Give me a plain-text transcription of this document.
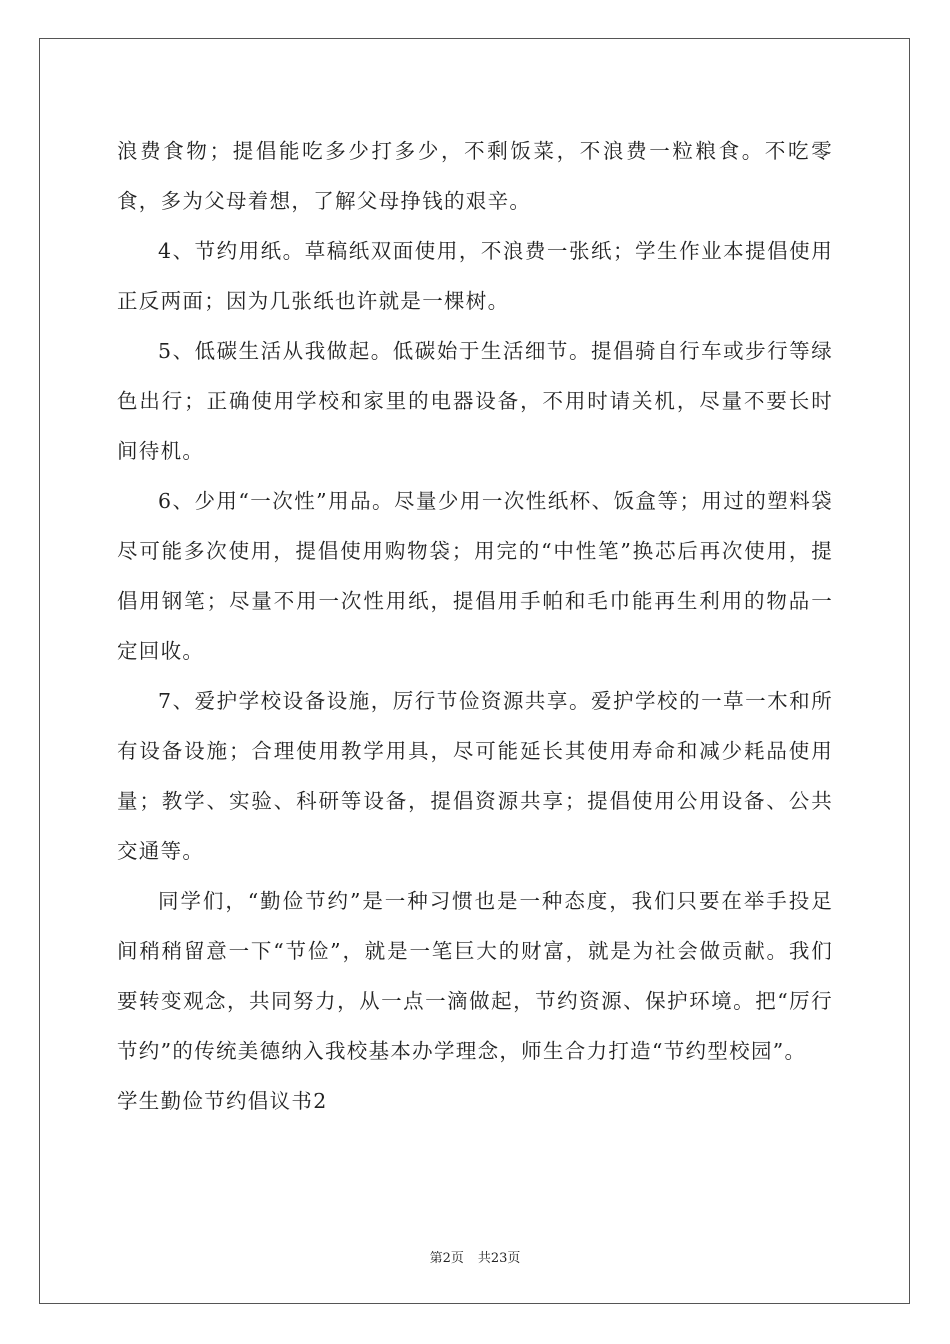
浪费食物；提倡能吃多少打多少，不剩饭菜，不浪费一粒粮食。不吃零食，多为父母着想，了解父母挣钱的艰辛。

4、节约用纸。草稿纸双面使用，不浪费一张纸；学生作业本提倡使用正反两面；因为几张纸也许就是一棵树。

5、低碳生活从我做起。低碳始于生活细节。提倡骑自行车或步行等绿色出行；正确使用学校和家里的电器设备，不用时请关机，尽量不要长时间待机。

6、少用“一次性”用品。尽量少用一次性纸杯、饭盒等；用过的塑料袋尽可能多次使用，提倡使用购物袋；用完的“中性笔”换芯后再次使用，提倡用钢笔；尽量不用一次性用纸，提倡用手帕和毛巾能再生利用的物品一定回收。

7、爱护学校设备设施，厉行节俭资源共享。爱护学校的一草一木和所有设备设施；合理使用教学用具，尽可能延长其使用寿命和减少耗品使用量；教学、实验、科研等设备，提倡资源共享；提倡使用公用设备、公共交通等。

同学们，“勤俭节约”是一种习惯也是一种态度，我们只要在举手投足间稍稍留意一下“节俭”，就是一笔巨大的财富，就是为社会做贡献。我们要转变观念，共同努力，从一点一滴做起，节约资源、保护环境。把“厉行节约”的传统美德纳入我校基本办学理念，师生合力打造“节约型校园”。

学生勤俭节约倡议书2

第2页 共23页
